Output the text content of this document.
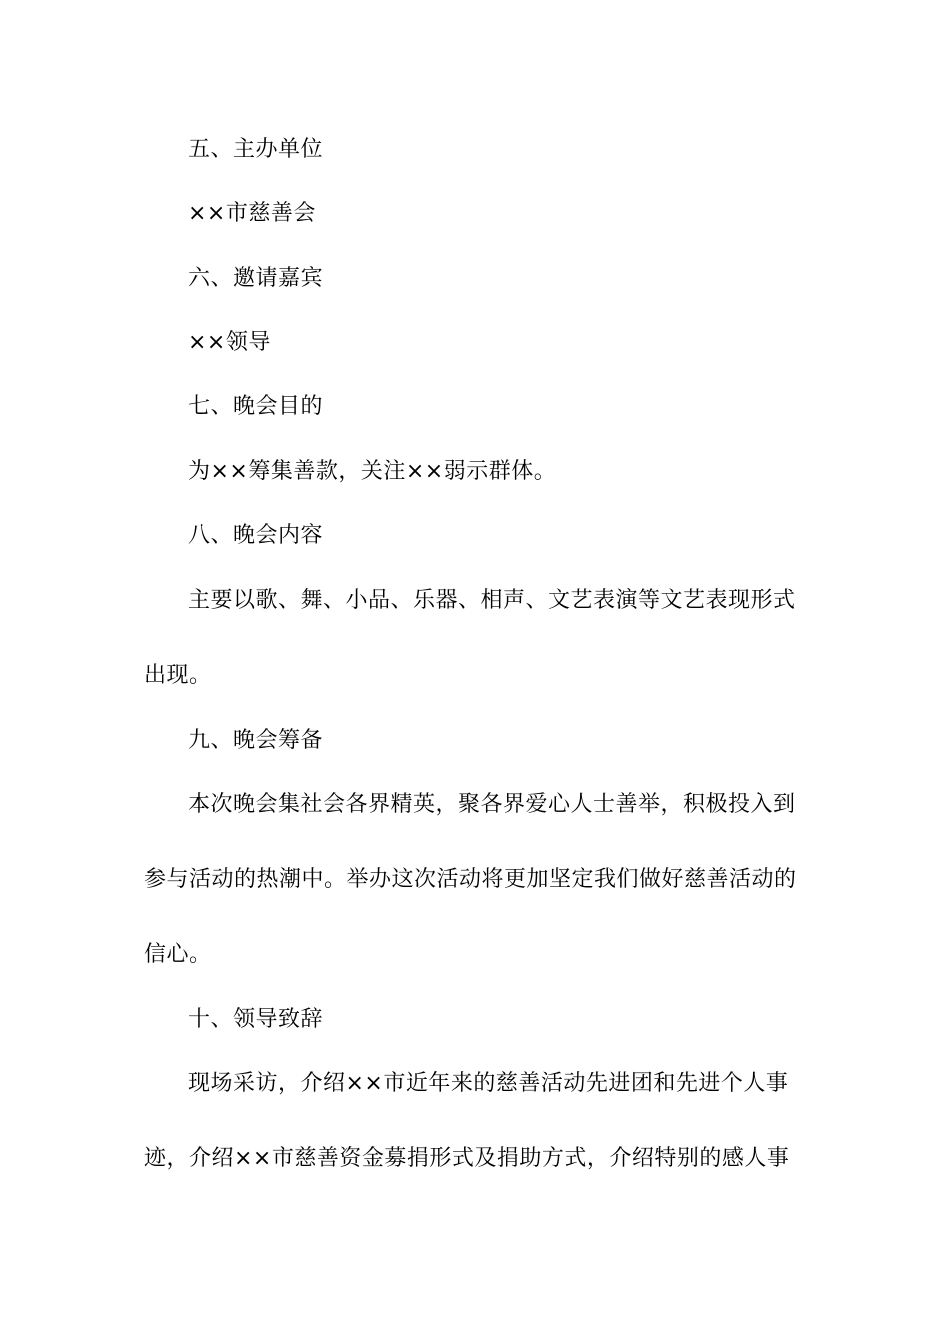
五、主办单位
××市慈善会
六、邀请嘉宾
××领导
七、晚会目的
为××筹集善款，关注××弱示群体。
八、晚会内容
主要以歌、舞、小品、乐器、相声、文艺表演等文艺表现形式
出现。
九、晚会筹备
本次晚会集社会各界精英，聚各界爱心人士善举，积极投入到
参与活动的热潮中。举办这次活动将更加坚定我们做好慈善活动的
信心。
十、领导致辞
现场采访，介绍××市近年来的慈善活动先进团和先进个人事
迹，介绍××市慈善资金募捐形式及捐助方式，介绍特别的感人事
